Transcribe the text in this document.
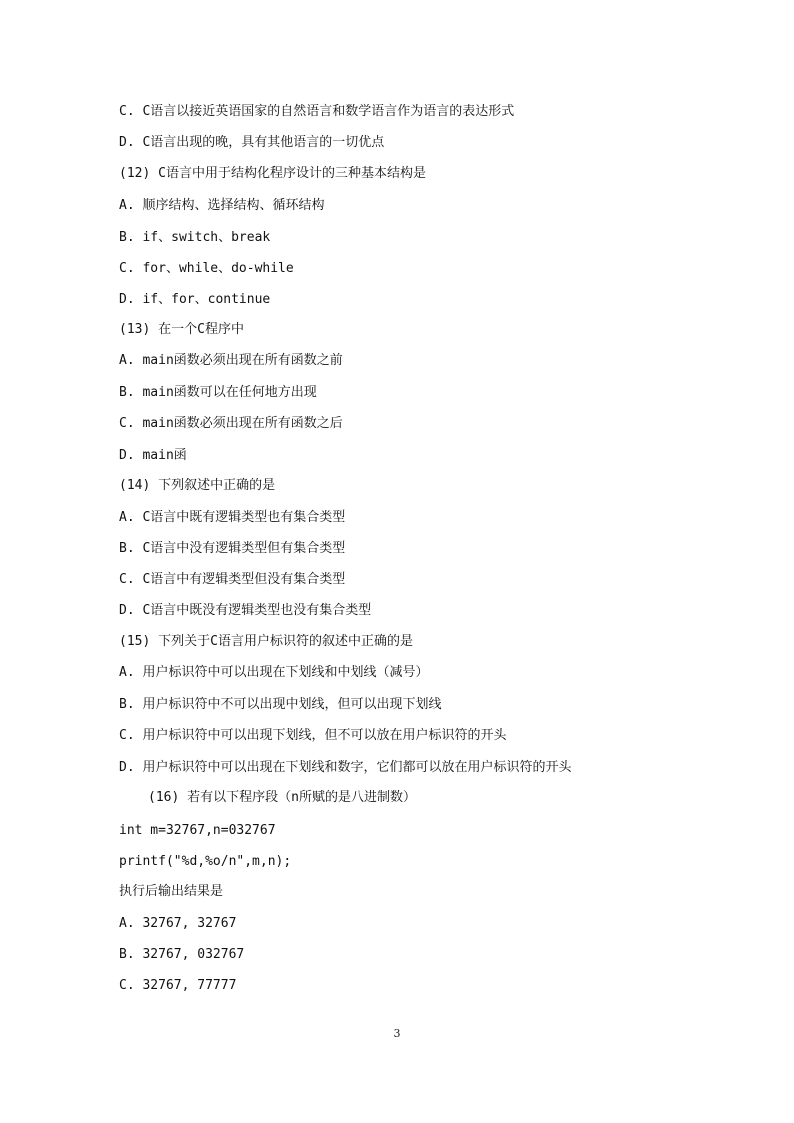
C. C语言以接近英语国家的自然语言和数学语言作为语言的表达形式
D. C语言出现的晚，具有其他语言的一切优点
(12) C语言中用于结构化程序设计的三种基本结构是
A. 顺序结构、选择结构、循环结构
B. if、switch、break
C. for、while、do-while
D. if、for、continue
(13) 在一个C程序中
A. main函数必须出现在所有函数之前
B. main函数可以在任何地方出现
C. main函数必须出现在所有函数之后
D. main函
(14) 下列叙述中正确的是
A. C语言中既有逻辑类型也有集合类型
B. C语言中没有逻辑类型但有集合类型
C. C语言中有逻辑类型但没有集合类型
D. C语言中既没有逻辑类型也没有集合类型
(15) 下列关于C语言用户标识符的叙述中正确的是
A. 用户标识符中可以出现在下划线和中划线（减号）
B. 用户标识符中不可以出现中划线，但可以出现下划线
C. 用户标识符中可以出现下划线，但不可以放在用户标识符的开头
D. 用户标识符中可以出现在下划线和数字，它们都可以放在用户标识符的开头
(16) 若有以下程序段（n所赋的是八进制数）
int m=32767,n=032767
printf("%d,%o/n",m,n);
执行后输出结果是
A. 32767, 32767
B. 32767, 032767
C. 32767, 77777
3
